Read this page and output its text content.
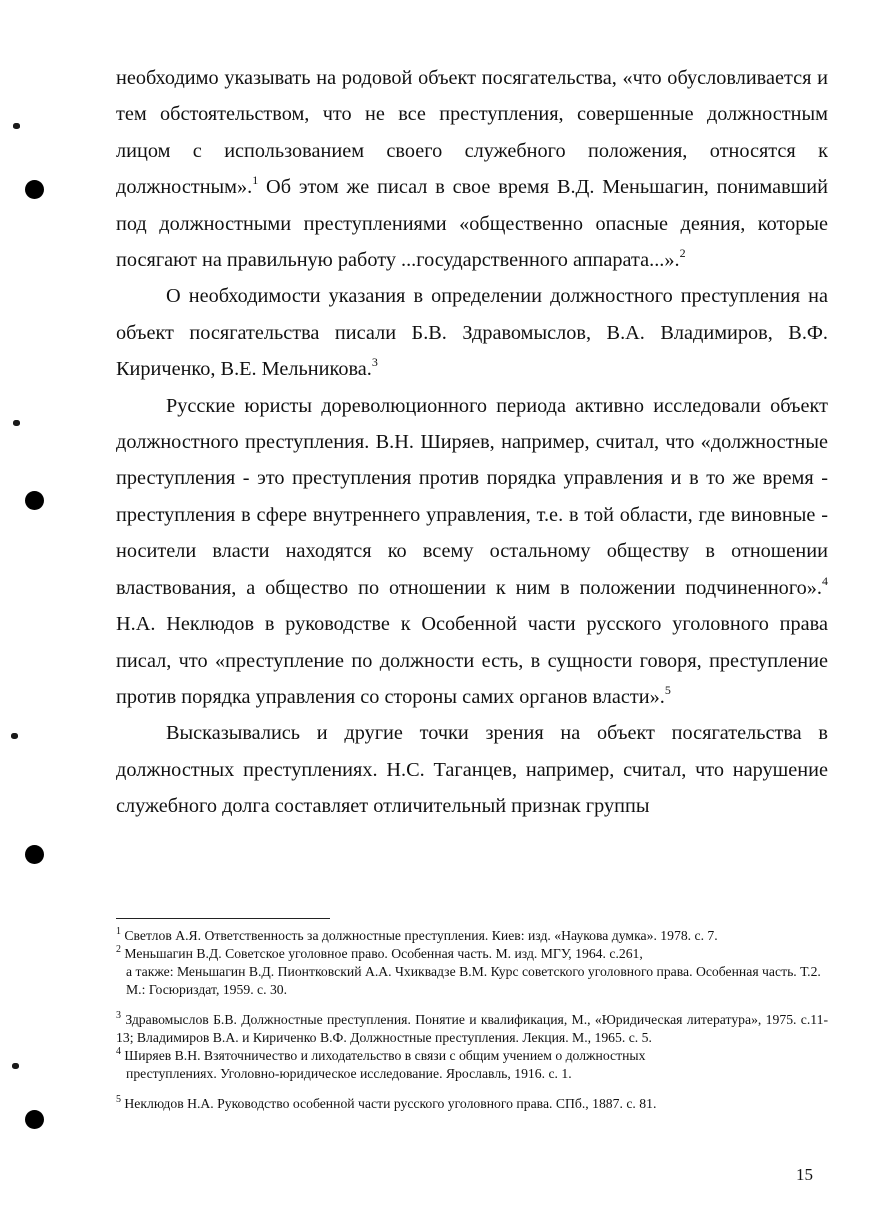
необходимо указывать на родовой объект посягательства, «что обусловливается и тем обстоятельством, что не все преступления, совершенные должностным лицом с использованием своего служебного положения, относятся к должностным».$^1$ Об этом же писал в свое время В.Д. Меньшагин, понимавший под должностными преступлениями «общественно опасные деяния, которые посягают на правильную работу ...государственного аппарата...».$^2$

О необходимости указания в определении должностного преступления на объект посягательства писали Б.В. Здравомыслов, В.А. Владимиров, В.Ф. Кириченко, В.Е. Мельникова.$^3$

Русские юристы дореволюционного периода активно исследовали объект должностного преступления. В.Н. Ширяев, например, считал, что «должностные преступления - это преступления против порядка управления и в то же время - преступления в сфере внутреннего управления, т.е. в той области, где виновные - носители власти находятся ко всему остальному обществу в отношении властвования, а общество по отношении к ним в положении подчиненного».$^4$ Н.А. Неклюдов в руководстве к Особенной части русского уголовного права писал, что «преступление по должности есть, в сущности говоря, преступление против порядка управления со стороны самих органов власти».$^5$

Высказывались и другие точки зрения на объект посягательства в должностных преступлениях. Н.С. Таганцев, например, считал, что нарушение служебного долга составляет отличительный признак группы

$^1$ Светлов А.Я. Ответственность за должностные преступления. Киев: изд. «Наукова думка». 1978. с. 7.

$^2$ Меньшагин В.Д. Советское уголовное право. Особенная часть. М. изд. МГУ, 1964. с.261,
а также: Меньшагин В.Д. Пионтковский А.А. Чхиквадзе В.М. Курс советского уголовного права. Особенная часть. Т.2. М.: Госюриздат, 1959. с. 30.

$^3$ Здравомыслов Б.В. Должностные преступления. Понятие и квалификация, М., «Юридическая литература», 1975. с.11-13; Владимиров В.А. и Кириченко В.Ф. Должностные преступления. Лекция. М., 1965. с. 5.

$^4$ Ширяев В.Н. Взяточничество и лиходательство в связи с общим учением о должностных
преступлениях. Уголовно-юридическое исследование. Ярославль, 1916. с. 1.

$^5$ Неклюдов Н.А. Руководство особенной части русского уголовного права. СПб., 1887. с. 81.

15
